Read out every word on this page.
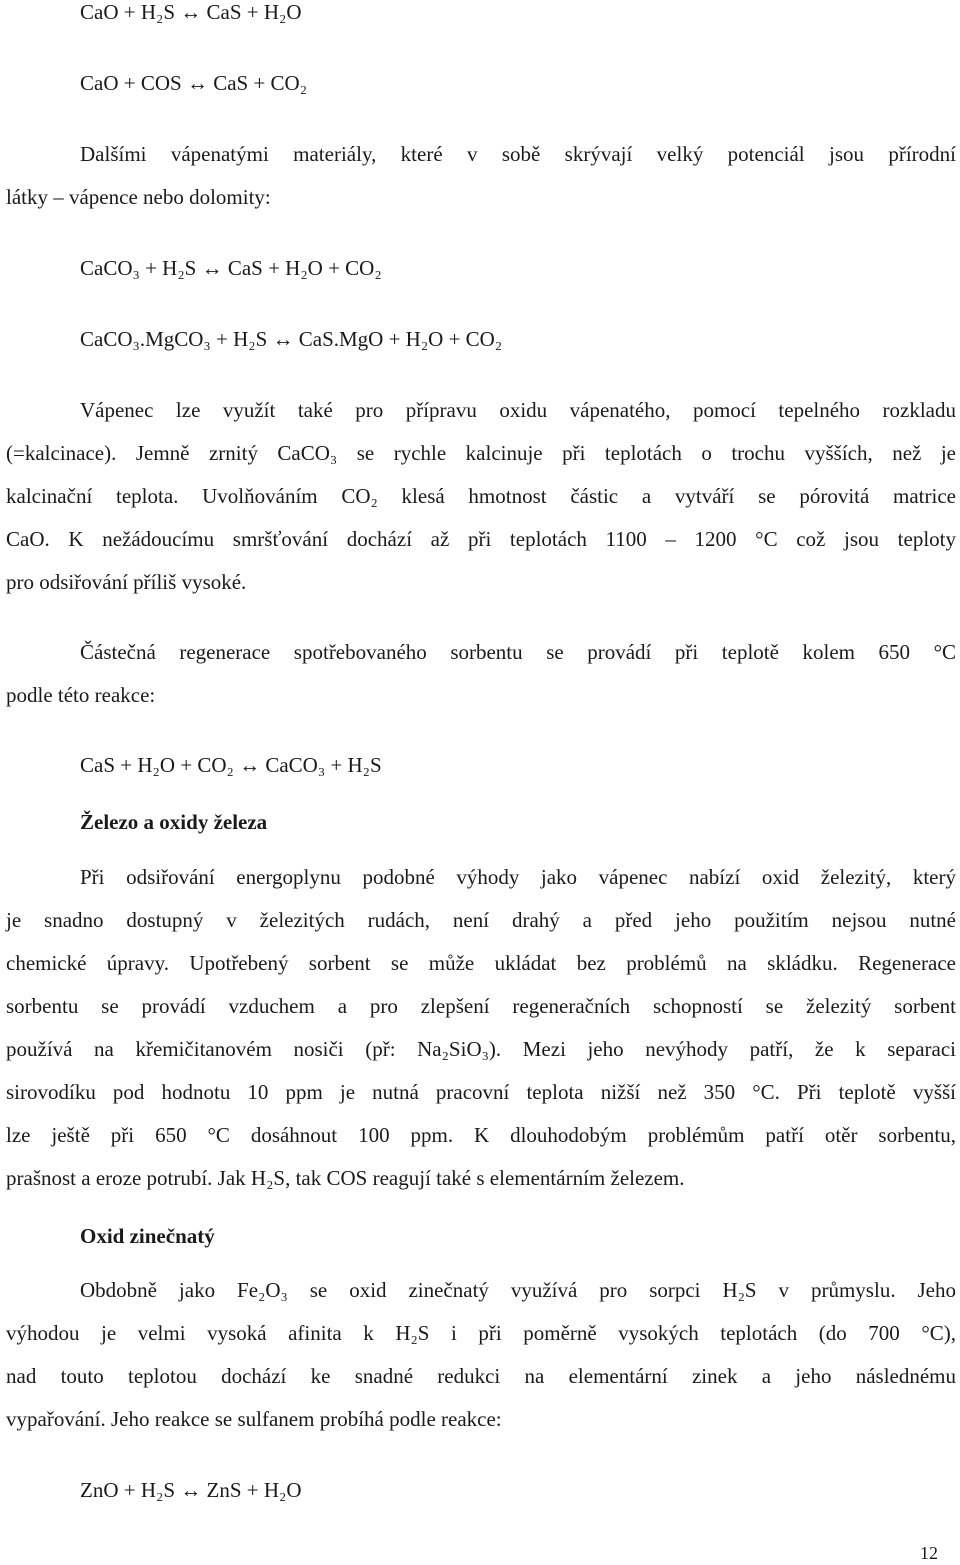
CaO + H₂S ↔ CaS + H₂O
CaO + COS ↔ CaS + CO₂
Dalšími vápenatými materiály, které v sobě skrývají velký potenciál jsou přírodní
látky – vápence nebo dolomity:
CaCO₃ + H₂S ↔ CaS + H₂O + CO₂
CaCO₃.MgCO₃ + H₂S ↔ CaS.MgO + H₂O + CO₂
Vápenec lze využít také pro přípravu oxidu vápenatého, pomocí tepelného rozkladu
(=kalcinace). Jemně zrnitý CaCO₃ se rychle kalcinuje při teplotách o trochu vyšších, než je
kalcinační teplota. Uvolňováním CO₂ klesá hmotnost částic a vytváří se pórovitá matrice
CaO. K nežádoucímu smršťování dochází až při teplotách 1100 – 1200 °C což jsou teploty
pro odsiřování příliš vysoké.
Částečná regenerace spotřebovaného sorbentu se provádí při teplotě kolem 650 °C
podle této reakce:
CaS + H₂O + CO₂ ↔ CaCO₃ + H₂S
Železo a oxidy železa
Při odsiřování energoplynu podobné výhody jako vápenec nabízí oxid železitý, který
je snadno dostupný v železitých rudách, není drahý a před jeho použitím nejsou nutné
chemické úpravy. Upotřebený sorbent se může ukládat bez problémů na skládku. Regenerace
sorbentu se provádí vzduchem a pro zlepšení regeneračních schopností se železitý sorbent
používá na křemičitanovém nosiči (př: Na₂SiO₃). Mezi jeho nevýhody patří, že k separaci
sirovodíku pod hodnotu 10 ppm je nutná pracovní teplota nižší než 350 °C. Při teplotě vyšší
lze ještě při 650 °C dosáhnout 100 ppm. K dlouhodobým problémům patří otěr sorbentu,
prašnost a eroze potrubí. Jak H₂S, tak COS reagují také s elementárním železem.
Oxid zinečnatý
Obdobně jako Fe₂O₃ se oxid zinečnatý využívá pro sorpci H₂S v průmyslu. Jeho
výhodou je velmi vysoká afinita k H₂S i při poměrně vysokých teplotách (do 700 °C),
nad touto teplotou dochází ke snadné redukci na elementární zinek a jeho následnému
vypařování. Jeho reakce se sulfanem probíhá podle reakce:
ZnO + H₂S ↔ ZnS + H₂O
12
